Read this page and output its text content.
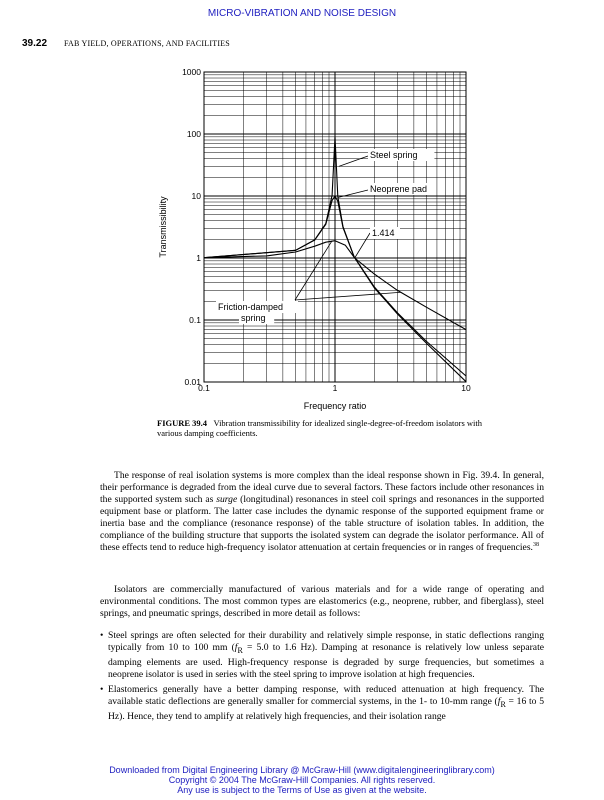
MICRO-VIBRATION AND NOISE DESIGN
39.22 FAB YIELD, OPERATIONS, AND FACILITIES
0.01
0.1
1
10
100
1000
0.1	1	10
Steel spring
Neoprene pad
1.414
Friction-damped
spring
Frequency ratio
Transmissibility
FIGURE 39.4 Vibration transmissibility for idealized single-degree-of-freedom isolators with various damping coefficients.
The response of real isolation systems is more complex than the ideal response shown in Fig. 39.4. In general, their performance is degraded from the ideal curve due to several factors. These factors include other resonances in the supported system such as surge (longitudinal) resonances in steel coil springs and resonances in the supported equipment base or platform. The latter case includes the dynamic response of the supported equipment frame or inertia base and the compliance (resonance response) of the table structure of isolation tables. In addition, the compliance of the building structure that supports the isolated system can degrade the isolator performance. All of these effects tend to reduce high-frequency isolator attenuation at certain frequencies or in ranges of frequencies.$^{38}$
Isolators are commercially manufactured of various materials and for a wide range of operating and environmental conditions. The most common types are elastomerics (e.g., neoprene, rubber, and fiberglass), steel springs, and pneumatic springs, described in more detail as follows:
• Steel springs are often selected for their durability and relatively simple response, in static deflections ranging typically from 10 to 100 mm ($f_R = 5.0$ to 1.6 Hz). Damping at resonance is relatively low unless separate damping elements are used. High-frequency response is degraded by surge frequencies, but sometimes a neoprene isolator is used in series with the steel spring to improve isolation at high frequencies.
• Elastomerics generally have a better damping response, with reduced attenuation at high frequency. The available static deflections are generally smaller for commercial systems, in the 1- to 10-mm range ($f_R = 16$ to 5 Hz). Hence, they tend to amplify at relatively high frequencies, and their isolation range
Downloaded from Digital Engineering Library @ McGraw-Hill (www.digitalengineeringlibrary.com)
Copyright © 2004 The McGraw-Hill Companies. All rights reserved.
Any use is subject to the Terms of Use as given at the website.
